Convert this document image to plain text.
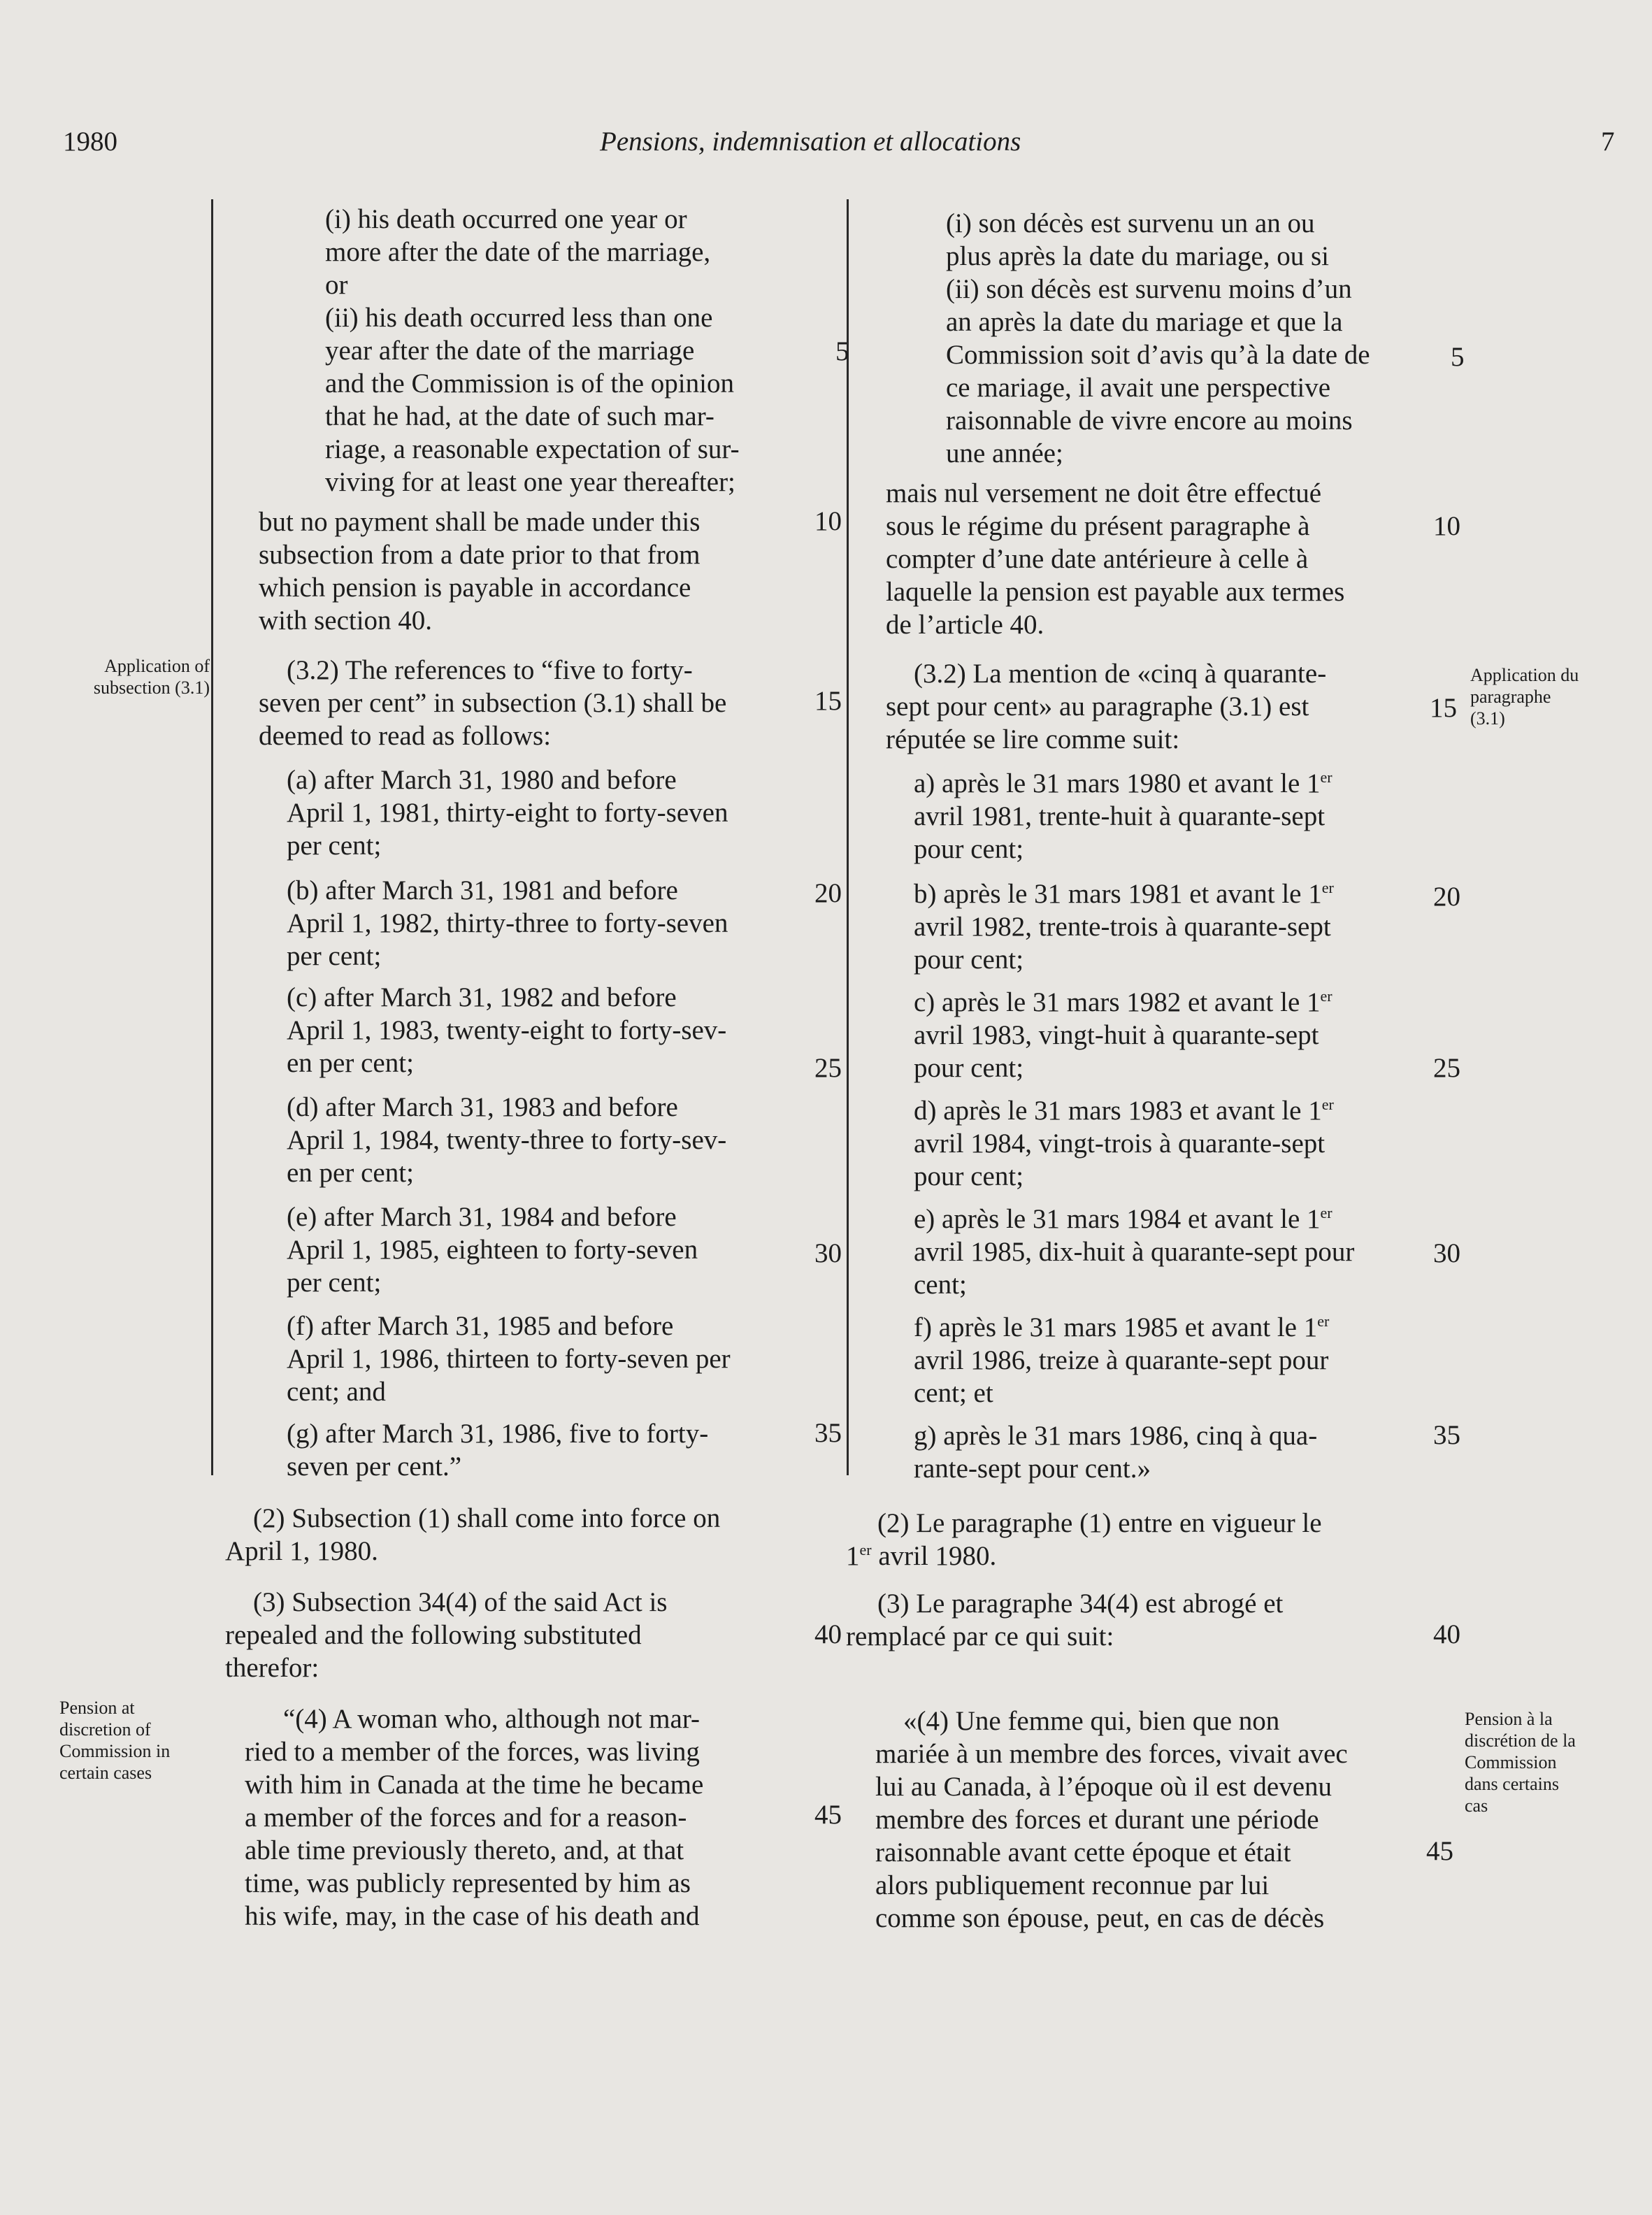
1980	Pensions, indemnisation et allocations	7

Application of

subsection (3.1)

Application du

paragraphe

(3.1)

Pension at

discretion of

Commission in

certain cases

Pension à la

discrétion de la

Commission

dans certains

cas

5
10
15
20
25
30
35
40
45
5
10
15
20
25
30
35
40
45

(i) his death occurred one year or

more after the date of the marriage,

or

(ii) his death occurred less than one

year after the date of the marriage

and the Commission is of the opinion

that he had, at the date of such mar-

riage, a reasonable expectation of sur-

viving for at least one year thereafter;

but no payment shall be made under this

subsection from a date prior to that from

which pension is payable in accordance

with section 40.

(3.2) The references to “five to forty-

seven per cent” in subsection (3.1) shall be

deemed to read as follows:

(a) after March 31, 1980 and before

April 1, 1981, thirty-eight to forty-seven

per cent;

(b) after March 31, 1981 and before

April 1, 1982, thirty-three to forty-seven

per cent;

(c) after March 31, 1982 and before

April 1, 1983, twenty-eight to forty-sev-

en per cent;

(d) after March 31, 1983 and before

April 1, 1984, twenty-three to forty-sev-

en per cent;

(e) after March 31, 1984 and before

April 1, 1985, eighteen to forty-seven

per cent;

(f) after March 31, 1985 and before

April 1, 1986, thirteen to forty-seven per

cent; and

(g) after March 31, 1986, five to forty-

seven per cent.”

(2) Subsection (1) shall come into force on

April 1, 1980.

(3) Subsection 34(4) of the said Act is

repealed and the following substituted

therefor:

“(4) A woman who, although not mar-

ried to a member of the forces, was living

with him in Canada at the time he became

a member of the forces and for a reason-

able time previously thereto, and, at that

time, was publicly represented by him as

his wife, may, in the case of his death and

(i) son décès est survenu un an ou

plus après la date du mariage, ou si

(ii) son décès est survenu moins d’un

an après la date du mariage et que la

Commission soit d’avis qu’à la date de

ce mariage, il avait une perspective

raisonnable de vivre encore au moins

une année;

mais nul versement ne doit être effectué

sous le régime du présent paragraphe à

compter d’une date antérieure à celle à

laquelle la pension est payable aux termes

de l’article 40.

(3.2) La mention de «cinq à quarante-

sept pour cent» au paragraphe (3.1) est

réputée se lire comme suit:

a) après le 31 mars 1980 et avant le 1er

avril 1981, trente-huit à quarante-sept

pour cent;

b) après le 31 mars 1981 et avant le 1er

avril 1982, trente-trois à quarante-sept

pour cent;

c) après le 31 mars 1982 et avant le 1er

avril 1983, vingt-huit à quarante-sept

pour cent;

d) après le 31 mars 1983 et avant le 1er

avril 1984, vingt-trois à quarante-sept

pour cent;

e) après le 31 mars 1984 et avant le 1er

avril 1985, dix-huit à quarante-sept pour

cent;

f) après le 31 mars 1985 et avant le 1er

avril 1986, treize à quarante-sept pour

cent; et

g) après le 31 mars 1986, cinq à qua-

rante-sept pour cent.»

(2) Le paragraphe (1) entre en vigueur le

1er avril 1980.

(3) Le paragraphe 34(4) est abrogé et

remplacé par ce qui suit:

«(4) Une femme qui, bien que non

mariée à un membre des forces, vivait avec

lui au Canada, à l’époque où il est devenu

membre des forces et durant une période

raisonnable avant cette époque et était

alors publiquement reconnue par lui

comme son épouse, peut, en cas de décès
